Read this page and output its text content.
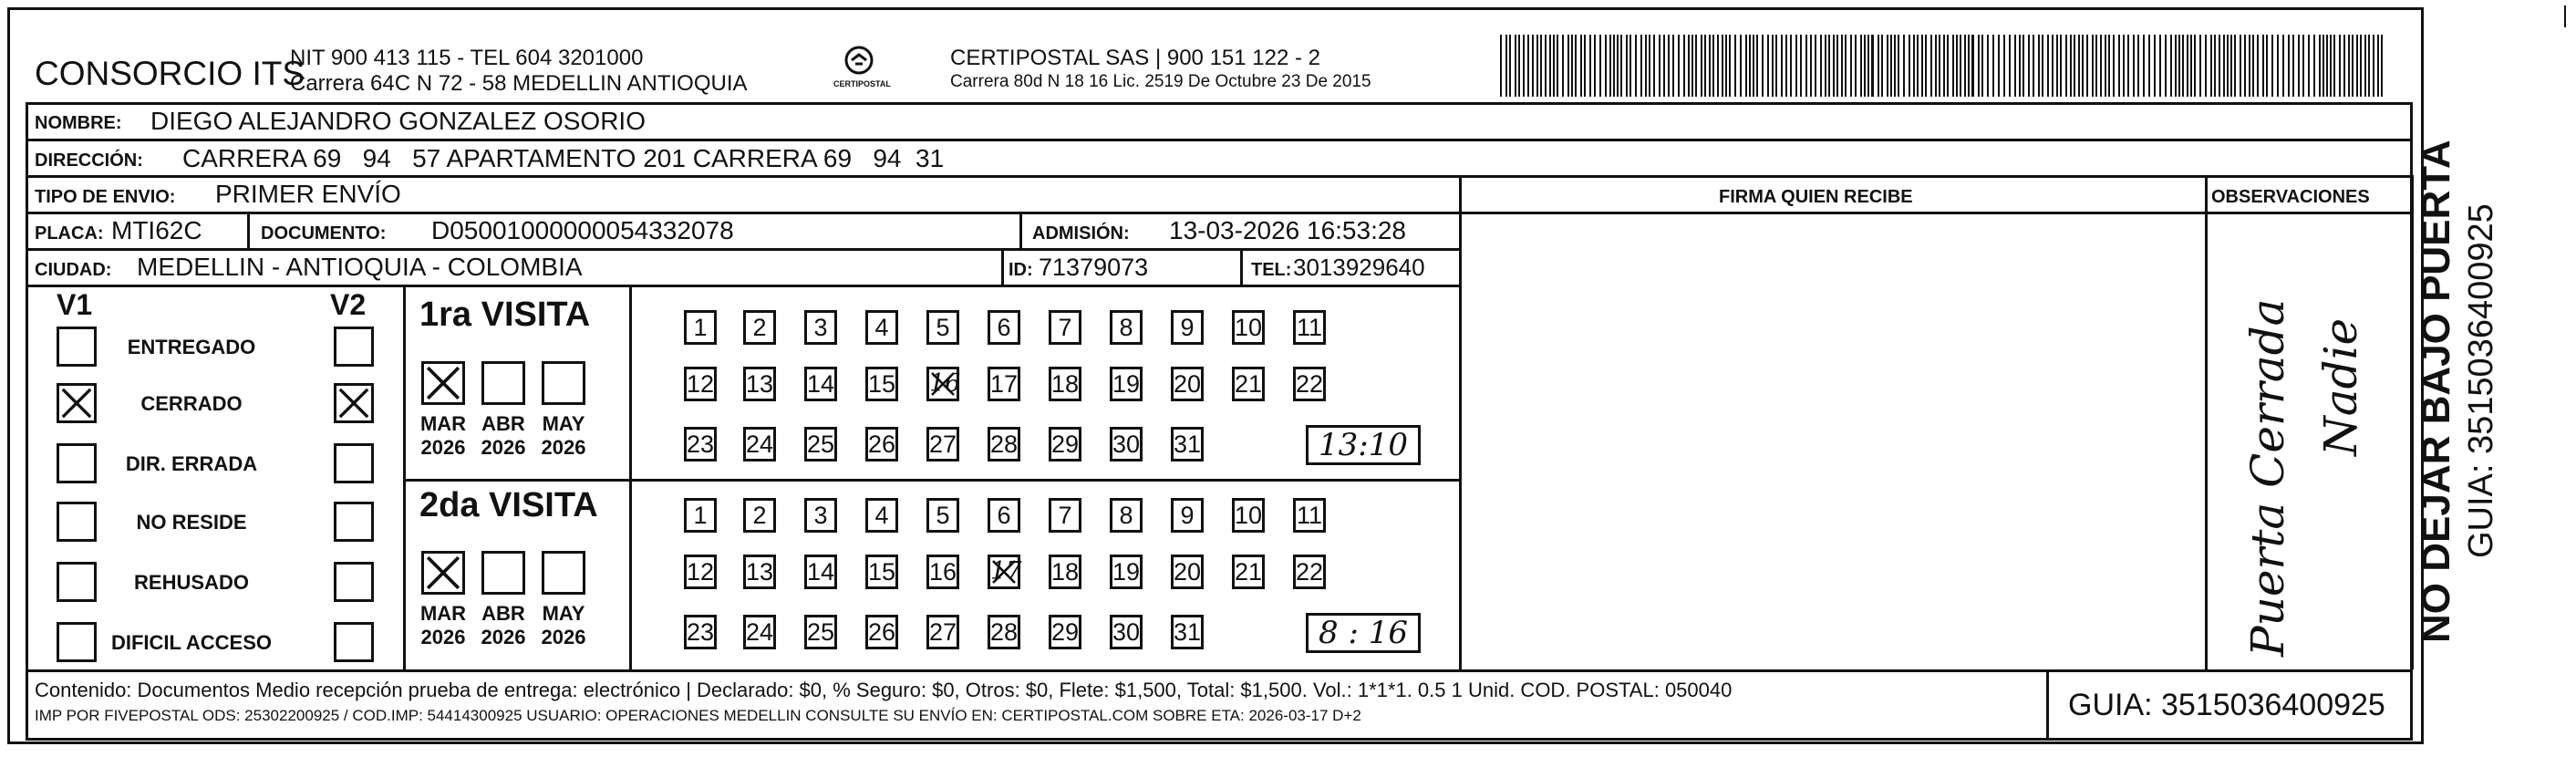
CONSORCIO ITS
NIT 900 413 115 - TEL 604 3201000
Carrera 64C N 72 - 58 MEDELLIN ANTIOQUIA	CERTIPOSTAL
CERTIPOSTAL SAS | 900 151 122 - 2
Carrera 80d N 18 16 Lic. 2519 De Octubre 23 De 2015
NOMBRE: DIEGO ALEJANDRO GONZALEZ OSORIO
DIRECCIÓN: CARRERA 69   94   57 APARTAMENTO 201 CARRERA 69   94  31
TIPO DE ENVIO: PRIMER ENVÍO	FIRMA QUIEN RECIBE	OBSERVACIONES
PLACA: MTI62C	DOCUMENTO: D05001000000054332078	ADMISIÓN: 13-03-2026 16:53:28
CIUDAD: MEDELLIN - ANTIOQUIA - COLOMBIA	ID: 71379073	TEL: 3013929640
V1	V2
ENTREGADO
CERRADO
DIR. ERRADA
NO RESIDE
REHUSADO
DIFICIL ACCESO
1ra VISITA
2da VISITA
MAR
2026
ABR
2026
MAY
2026
1	2	3	4	5	6	7	8	9	10 11
12 13 14 15 16 17 18 19 20 21 22
23 24 25 26 27 28 29 30 31
MAR
2026
ABR
2026
MAY
2026
1	2	3	4	5	6	7	8	9	10 11
12 13 14 15 16 17 18 19 20 21 22
23 24 25 26 27 28 29 30 31
13:10
8 : 16	Puerta Cerrada Nadie NO DEJAR BAJO PUERTA GUIA: 3515036400925
Contenido: Documentos Medio recepción prueba de entrega: electrónico | Declarado: $0, % Seguro: $0, Otros: $0, Flete: $1,500, Total: $1,500. Vol.: 1*1*1. 0.5 1 Unid. COD. POSTAL: 050040
IMP POR FIVEPOSTAL ODS: 25302200925 / COD.IMP: 54414300925 USUARIO: OPERACIONES MEDELLIN CONSULTE SU ENVÍO EN: CERTIPOSTAL.COM SOBRE ETA: 2026-03-17 D+2	GUIA: 3515036400925
